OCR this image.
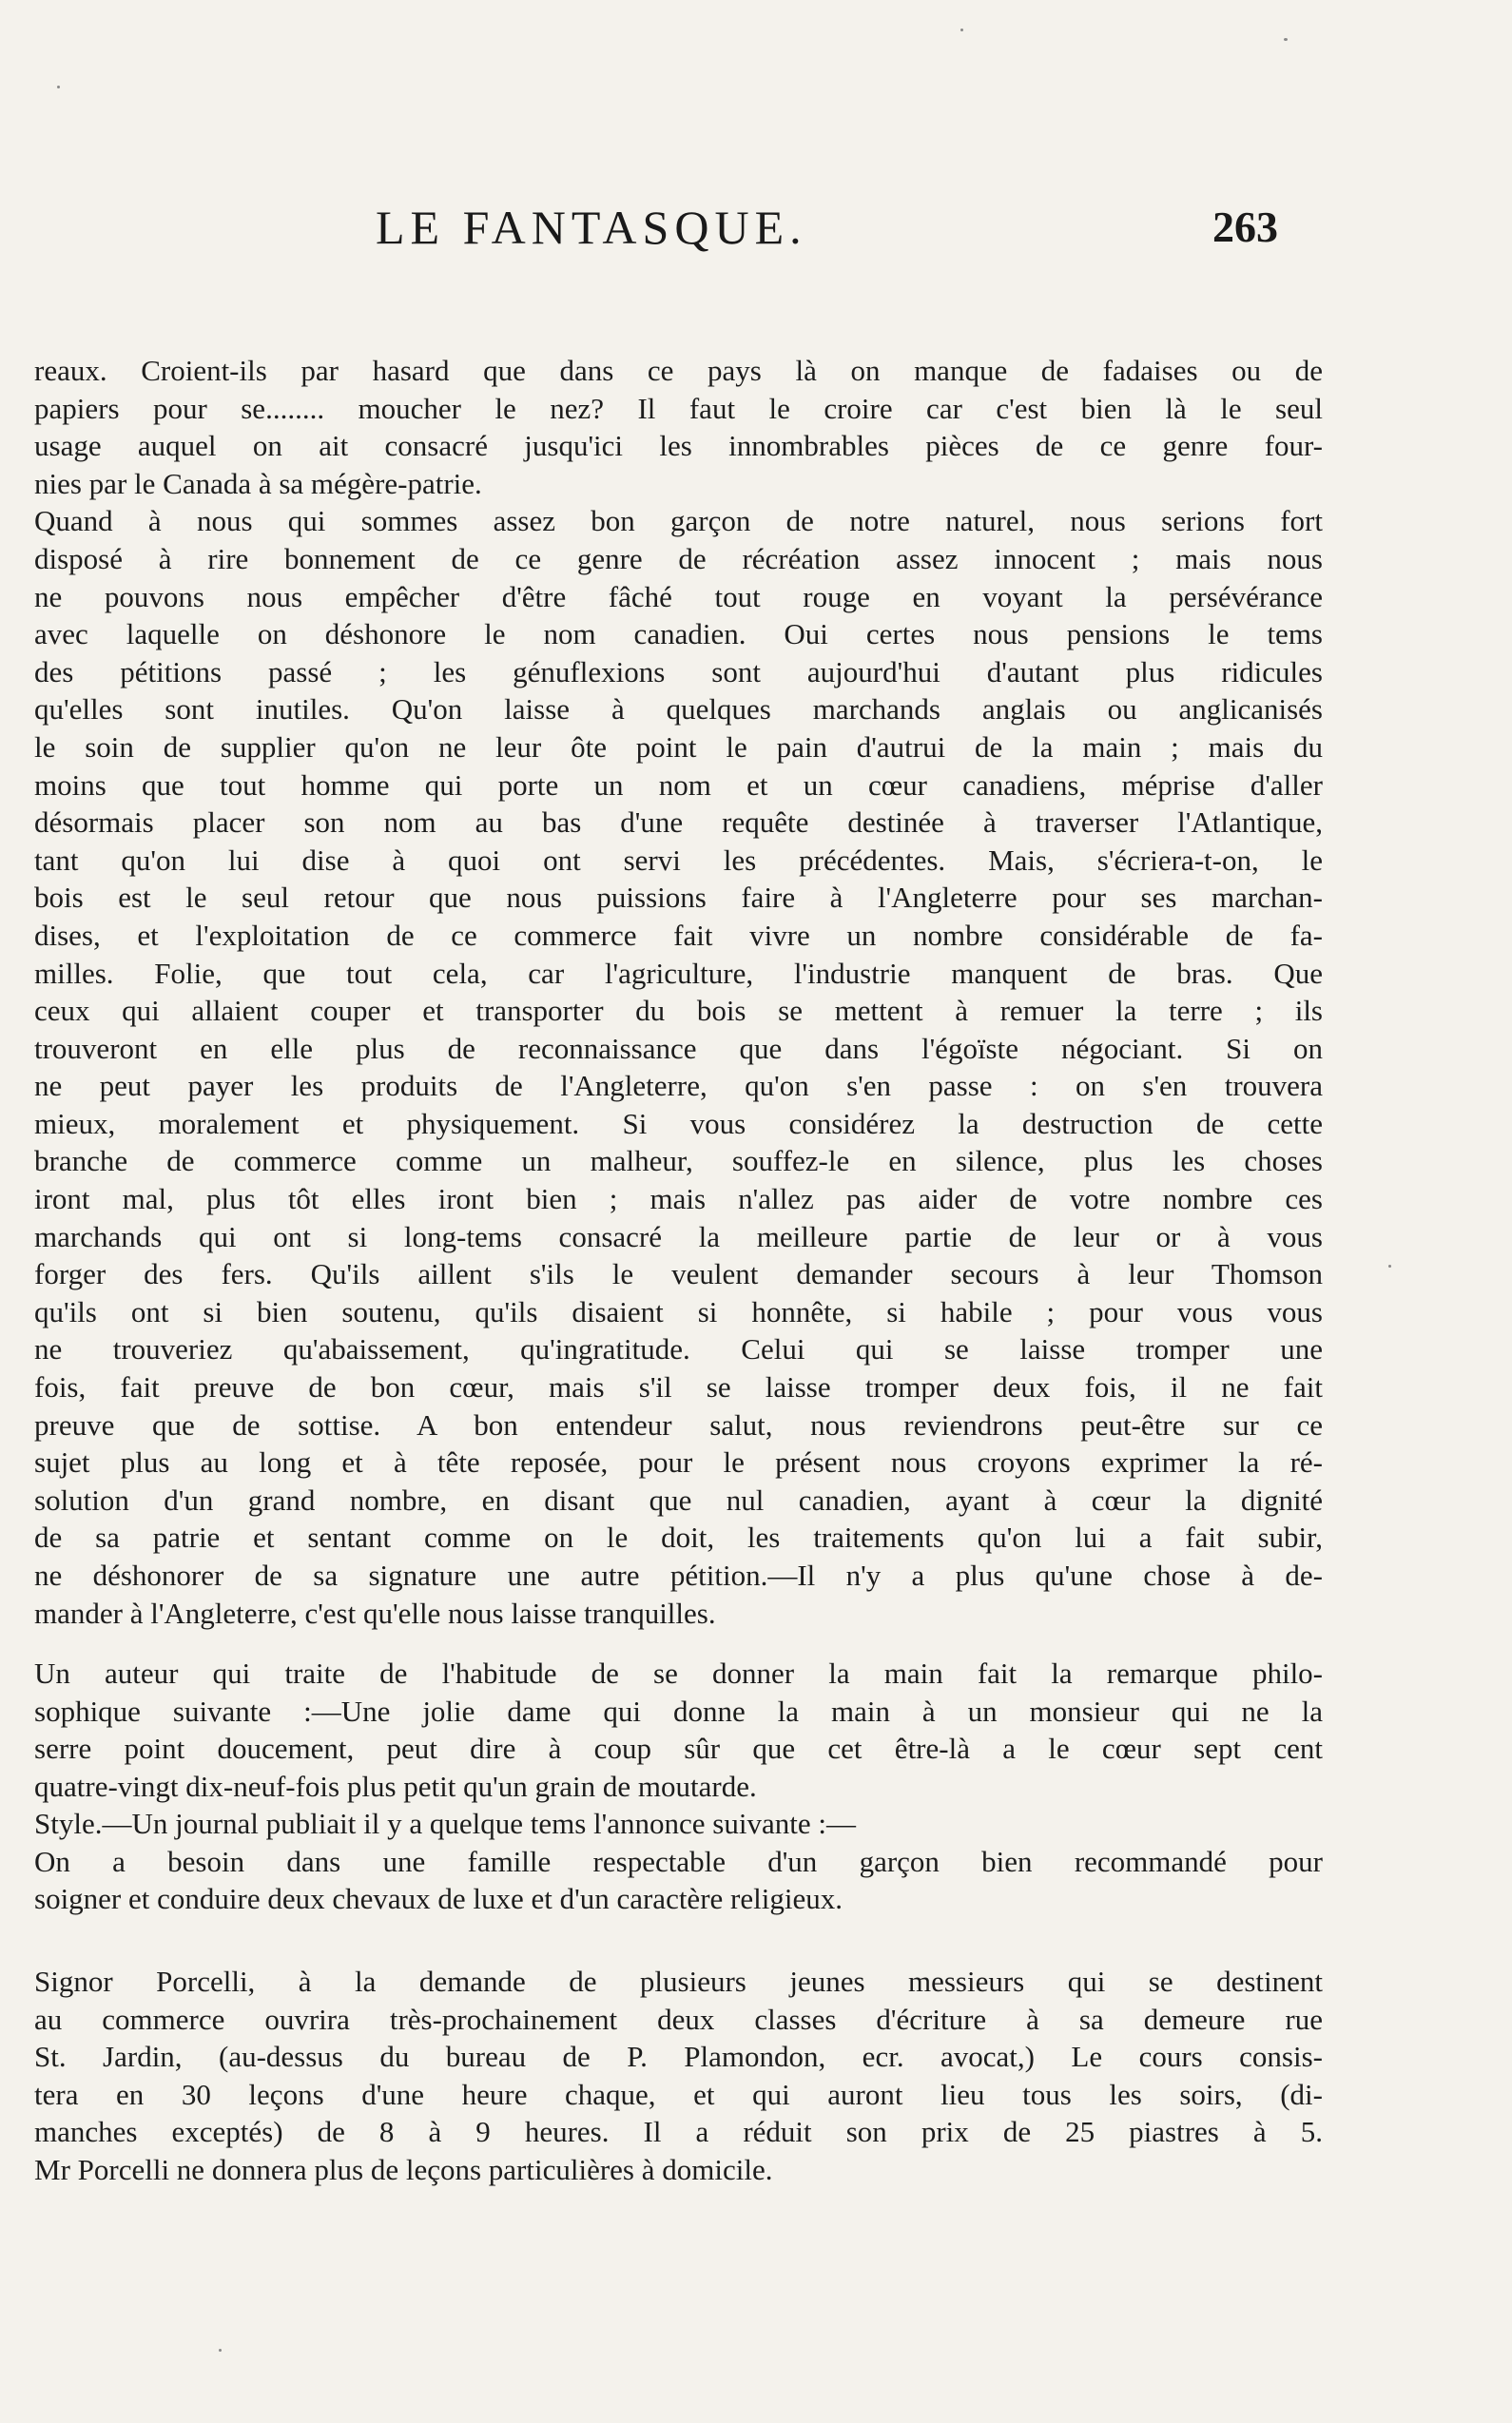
LE FANTASQUE.	263

reaux. Croient-ils par hasard que dans ce pays là on manque de fadaises ou de

papiers pour se........ moucher le nez? Il faut le croire car c'est bien là le seul

usage auquel on ait consacré jusqu'ici les innombrables pièces de ce genre four-

nies par le Canada à sa mégère-patrie.

Quand à nous qui sommes assez bon garçon de notre naturel, nous serions fort

disposé à rire bonnement de ce genre de récréation assez innocent ; mais nous

ne pouvons nous empêcher d'être fâché tout rouge en voyant la persévérance

avec laquelle on déshonore le nom canadien. Oui certes nous pensions le tems

des pétitions passé ; les génuflexions sont aujourd'hui d'autant plus ridicules

qu'elles sont inutiles. Qu'on laisse à quelques marchands anglais ou anglicanisés

le soin de supplier qu'on ne leur ôte point le pain d'autrui de la main ; mais du

moins que tout homme qui porte un nom et un cœur canadiens, méprise d'aller

désormais placer son nom au bas d'une requête destinée à traverser l'Atlantique,

tant qu'on lui dise à quoi ont servi les précédentes. Mais, s'écriera-t-on, le

bois est le seul retour que nous puissions faire à l'Angleterre pour ses marchan-

dises, et l'exploitation de ce commerce fait vivre un nombre considérable de fa-

milles. Folie, que tout cela, car l'agriculture, l'industrie manquent de bras. Que

ceux qui allaient couper et transporter du bois se mettent à remuer la terre ; ils

trouveront en elle plus de reconnaissance que dans l'égoïste négociant. Si on

ne peut payer les produits de l'Angleterre, qu'on s'en passe : on s'en trouvera

mieux, moralement et physiquement. Si vous considérez la destruction de cette

branche de commerce comme un malheur, souffez-le en silence, plus les choses

iront mal, plus tôt elles iront bien ; mais n'allez pas aider de votre nombre ces

marchands qui ont si long-tems consacré la meilleure partie de leur or à vous

forger des fers. Qu'ils aillent s'ils le veulent demander secours à leur Thomson

qu'ils ont si bien soutenu, qu'ils disaient si honnête, si habile ; pour vous vous

ne trouveriez qu'abaissement, qu'ingratitude. Celui qui se laisse tromper une

fois, fait preuve de bon cœur, mais s'il se laisse tromper deux fois, il ne fait

preuve que de sottise. A bon entendeur salut, nous reviendrons peut-être sur ce

sujet plus au long et à tête reposée, pour le présent nous croyons exprimer la ré-

solution d'un grand nombre, en disant que nul canadien, ayant à cœur la dignité

de sa patrie et sentant comme on le doit, les traitements qu'on lui a fait subir,

ne déshonorer de sa signature une autre pétition.—Il n'y a plus qu'une chose à de-

mander à l'Angleterre, c'est qu'elle nous laisse tranquilles.

Un auteur qui traite de l'habitude de se donner la main fait la remarque philo-

sophique suivante :—Une jolie dame qui donne la main à un monsieur qui ne la

serre point doucement, peut dire à coup sûr que cet être-là a le cœur sept cent

quatre-vingt dix-neuf-fois plus petit qu'un grain de moutarde.

Style.—Un journal publiait il y a quelque tems l'annonce suivante :—

On a besoin dans une famille respectable d'un garçon bien recommandé pour

soigner et conduire deux chevaux de luxe et d'un caractère religieux.

Signor Porcelli, à la demande de plusieurs jeunes messieurs qui se destinent

au commerce ouvrira très-prochainement deux classes d'écriture à sa demeure rue

St. Jardin, (au-dessus du bureau de P. Plamondon, ecr. avocat,) Le cours consis-

tera en 30 leçons d'une heure chaque, et qui auront lieu tous les soirs, (di-

manches exceptés) de 8 à 9 heures. Il a réduit son prix de 25 piastres à 5.

Mr Porcelli ne donnera plus de leçons particulières à domicile.
